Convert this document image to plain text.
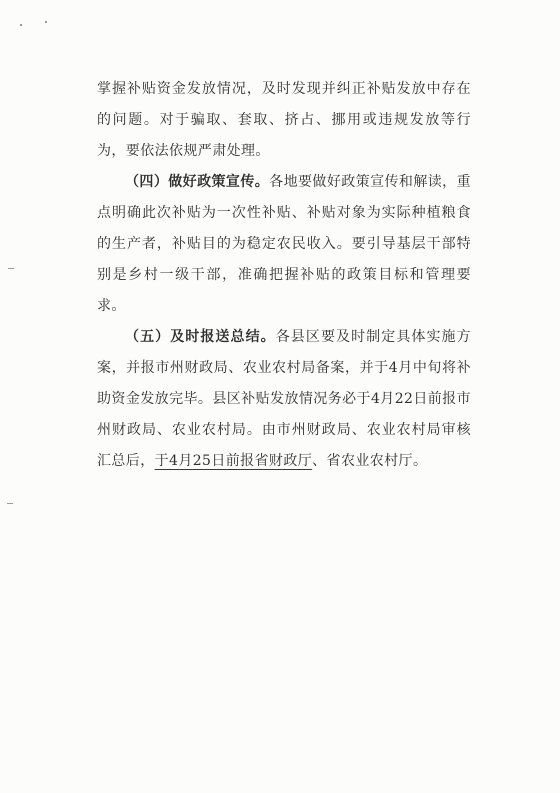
掌握补贴资金发放情况，及时发现并纠正补贴发放中存在的问题。对于骗取、套取、挤占、挪用或违规发放等行为，要依法依规严肃处理。

（四）做好政策宣传。各地要做好政策宣传和解读，重点明确此次补贴为一次性补贴、补贴对象为实际种植粮食的生产者，补贴目的为稳定农民收入。要引导基层干部特别是乡村一级干部，准确把握补贴的政策目标和管理要求。

（五）及时报送总结。各县区要及时制定具体实施方案，并报市州财政局、农业农村局备案，并于4月中旬将补助资金发放完毕。县区补贴发放情况务必于4月22日前报市州财政局、农业农村局。由市州财政局、农业农村局审核汇总后，于4月25日前报省财政厅、省农业农村厅。
